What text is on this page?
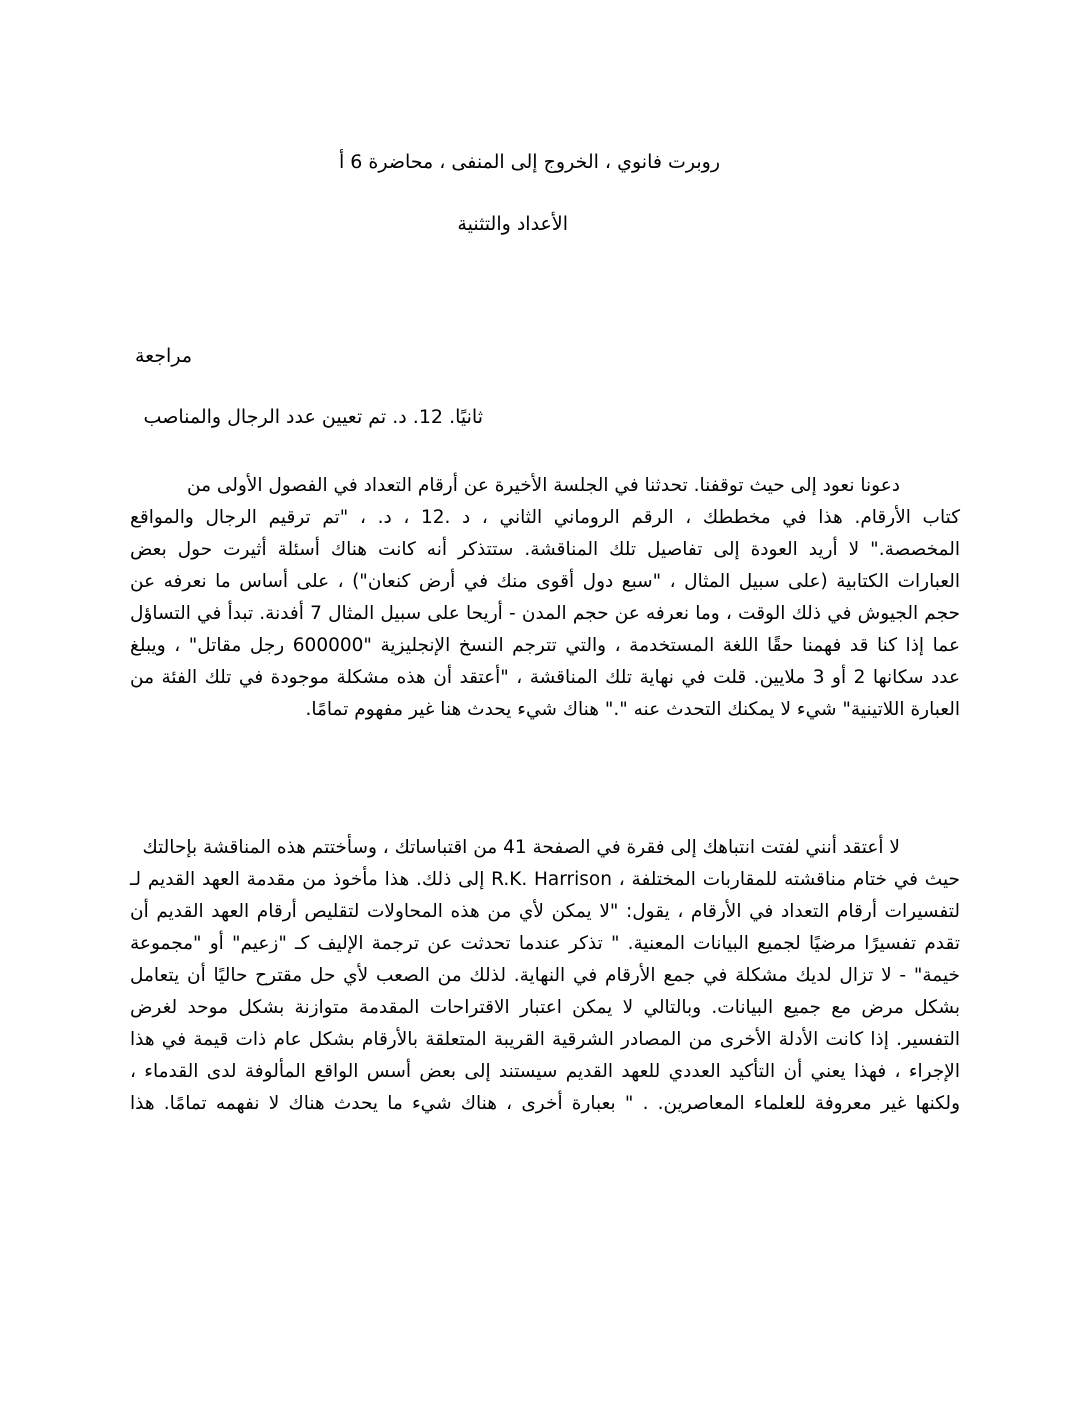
روبرت فانوي ، الخروج إلى المنفى ، محاضرة 6 أ
الأعداد والتثنية
مراجعة
ثانيًا. 12. د. تم تعيين عدد الرجال والمناصب
دعونا نعود إلى حيث توقفنا. تحدثنا في الجلسة الأخيرة عن أرقام التعداد في الفصول الأولى من
كتاب الأرقام. هذا في مخططك ، الرقم الروماني الثاني ، د .12 ، د. ، "تم ترقيم الرجال والمواقع
المخصصة." لا أريد العودة إلى تفاصيل تلك المناقشة. ستتذكر أنه كانت هناك أسئلة أثيرت حول بعض
العبارات الكتابية (على سبيل المثال ، "سبع دول أقوى منك في أرض كنعان") ، على أساس ما نعرفه عن
حجم الجيوش في ذلك الوقت ، وما نعرفه عن حجم المدن - أريحا على سبيل المثال 7 أفدنة. تبدأ في التساؤل
عما إذا كنا قد فهمنا حقًا اللغة المستخدمة ، والتي تترجم النسخ الإنجليزية "600000 رجل مقاتل" ، ويبلغ
عدد سكانها 2 أو 3 ملايين. قلت في نهاية تلك المناقشة ، "أعتقد أن هذه مشكلة موجودة في تلك الفئة من
العبارة اللاتينية" شيء لا يمكنك التحدث عنه "." هناك شيء يحدث هنا غير مفهوم تمامًا.
لا أعتقد أنني لفتت انتباهك إلى فقرة في الصفحة 41 من اقتباساتك ، وسأختتم هذه المناقشة بإحالتك
حيث في ختام مناقشته للمقاربات المختلفة ، R.K. Harrison إلى ذلك. هذا مأخوذ من مقدمة العهد القديم لـ
لتفسيرات أرقام التعداد في الأرقام ، يقول: "لا يمكن لأي من هذه المحاولات لتقليص أرقام العهد القديم أن
تقدم تفسيرًا مرضيًا لجميع البيانات المعنية. " تذكر عندما تحدثت عن ترجمة الإليف كـ "زعيم" أو "مجموعة
خيمة" - لا تزال لديك مشكلة في جمع الأرقام في النهاية. لذلك من الصعب لأي حل مقترح حاليًا أن يتعامل
بشكل مرض مع جميع البيانات. وبالتالي لا يمكن اعتبار الاقتراحات المقدمة متوازنة بشكل موحد لغرض
التفسير. إذا كانت الأدلة الأخرى من المصادر الشرقية القريبة المتعلقة بالأرقام بشكل عام ذات قيمة في هذا
الإجراء ، فهذا يعني أن التأكيد العددي للعهد القديم سيستند إلى بعض أسس الواقع المألوفة لدى القدماء ،
ولكنها غير معروفة للعلماء المعاصرين. . " بعبارة أخرى ، هناك شيء ما يحدث هناك لا نفهمه تمامًا. هذا
